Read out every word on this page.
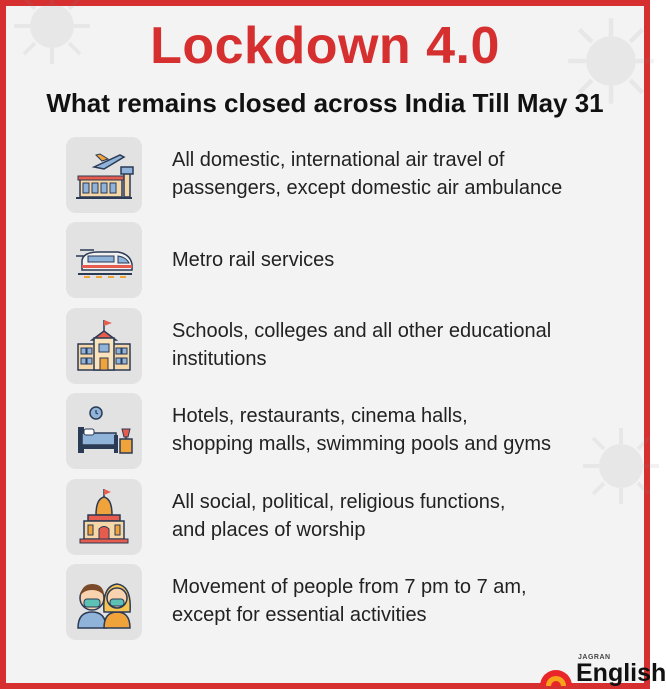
Lockdown 4.0
What remains closed across India Till May 31
All domestic, international air travel of
passengers, except domestic air ambulance
Metro rail services
Schools, colleges and all other educational
institutions
Hotels, restaurants, cinema halls,
shopping malls, swimming pools and gyms
All social, political, religious functions,
and places of worship
Movement of people from 7 pm to 7 am,
except for essential activities
JAGRAN
English
